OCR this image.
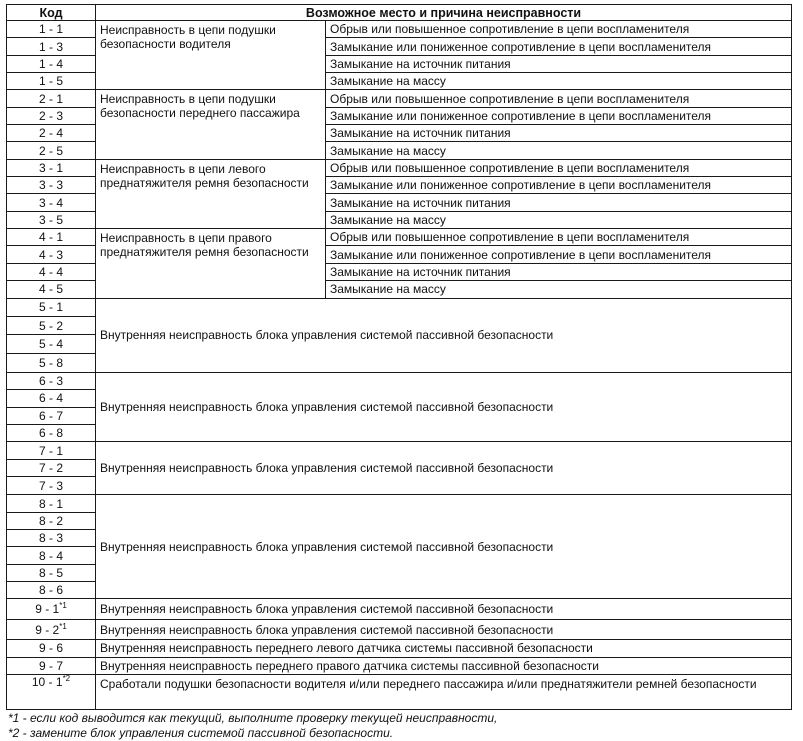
Код	Возможное место и причина неисправности	
1 - 1	Неисправность в цепи подушки безопасности водителя	Обрыв или повышенное сопротивление в цепи воспламенителя
1 - 3		Замыкание или пониженное сопротивление в цепи воспламенителя
1 - 4		Замыкание на источник питания
1 - 5		Замыкание на массу
2 - 1	Неисправность в цепи подушки безопасности переднего пассажира	Обрыв или повышенное сопротивление в цепи воспламенителя
2 - 3		Замыкание или пониженное сопротивление в цепи воспламенителя
2 - 4		Замыкание на источник питания
2 - 5		Замыкание на массу
3 - 1	Неисправность в цепи левого преднатяжителя ремня безопасности	Обрыв или повышенное сопротивление в цепи воспламенителя
3 - 3		Замыкание или пониженное сопротивление в цепи воспламенителя
3 - 4		Замыкание на источник питания
3 - 5		Замыкание на массу
4 - 1	Неисправность в цепи правого преднатяжителя ремня безопасности	Обрыв или повышенное сопротивление в цепи воспламенителя
4 - 3		Замыкание или пониженное сопротивление в цепи воспламенителя
4 - 4		Замыкание на источник питания
4 - 5		Замыкание на массу
5 - 1	Внутренняя неисправность блока управления системой пассивной безопасности	
5 - 2		
5 - 4		
5 - 8		
6 - 3	Внутренняя неисправность блока управления системой пассивной безопасности	
6 - 4		
6 - 7		
6 - 8		
7 - 1	Внутренняя неисправность блока управления системой пассивной безопасности	
7 - 2		
7 - 3		
8 - 1	Внутренняя неисправность блока управления системой пассивной безопасности	
8 - 2		
8 - 3		
8 - 4		
8 - 5		
8 - 6		
9 - 1$^{*1}$	Внутренняя неисправность блока управления системой пассивной безопасности	
9 - 2$^{*1}$	Внутренняя неисправность блока управления системой пассивной безопасности	
9 - 6	Внутренняя неисправность переднего левого датчика системы пассивной безопасности	
9 - 7	Внутренняя неисправность переднего правого датчика системы пассивной безопасности	
10 - 1$^{*2}$	Сработали подушки безопасности водителя и/или переднего пассажира и/или преднатяжители ремней безопасности	
*1 - если код выводится как текущий, выполните проверку текущей неисправности,
*2 - замените блок управления системой пассивной безопасности.
